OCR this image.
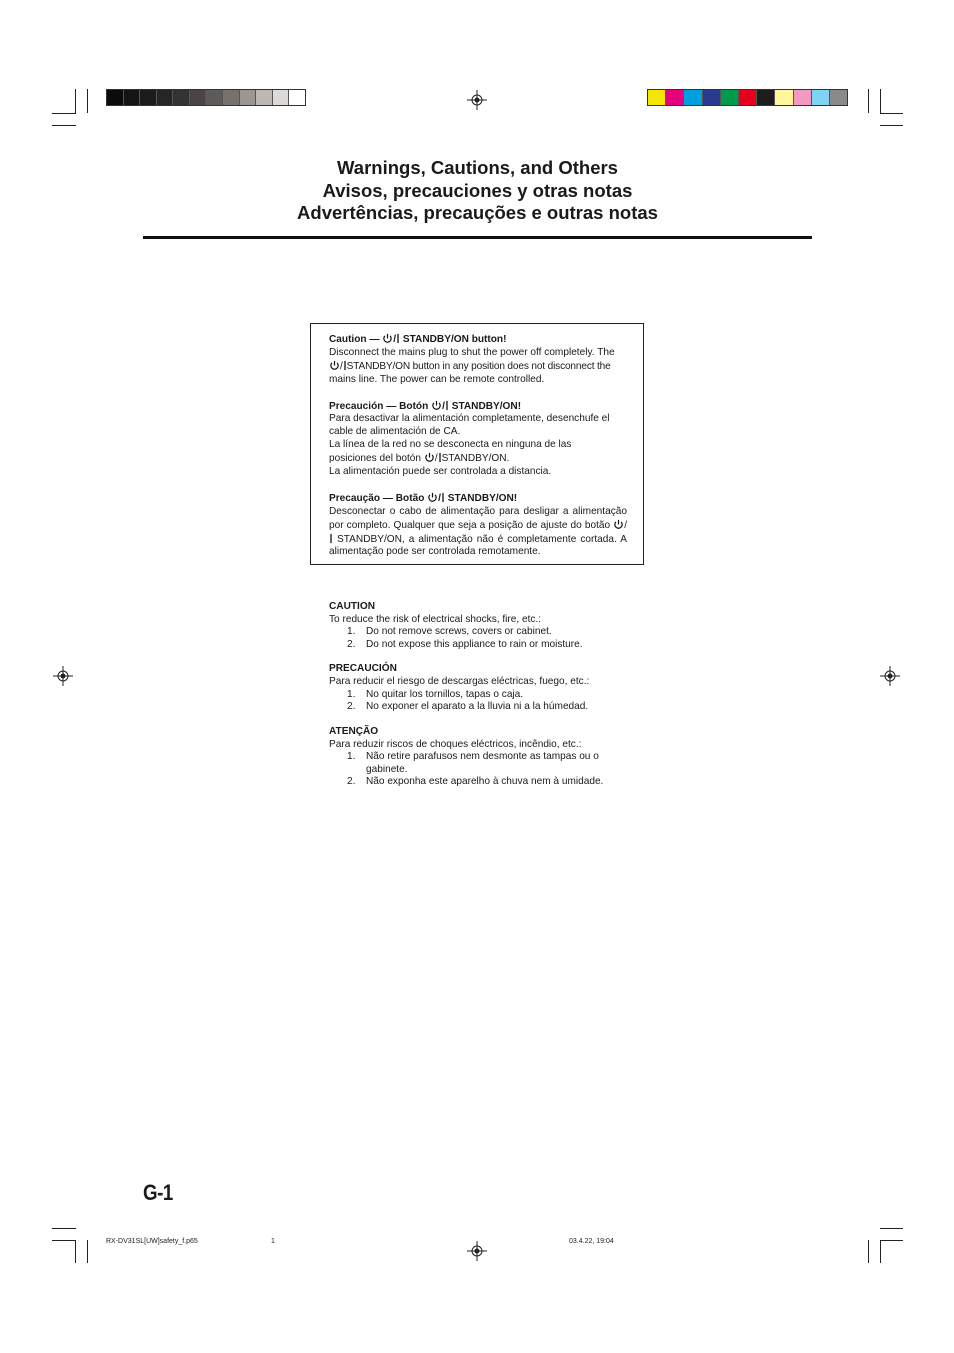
Warnings, Cautions, and Others
Avisos, precauciones y otras notas
Advertências, precauções e outras notas
Caution — / STANDBY/ON button!
Disconnect the mains plug to shut the power off completely. The
/ STANDBY/ON button in any position does not disconnect the
mains line. The power can be remote controlled.
Precaución — Botón / STANDBY/ON!
Para desactivar la alimentación completamente, desenchufe el cable de alimentación de CA.
La línea de la red no se desconecta en ninguna de las posiciones del botón / STANDBY/ON.
La alimentación puede ser controlada a distancia.
Precaução — Botão / STANDBY/ON!
Desconectar o cabo de alimentação para desligar a alimentação por completo. Qualquer que seja a posição de ajuste do botão / STANDBY/ON, a alimentação não é completamente cortada. A alimentação pode ser controlada remotamente.
CAUTION
To reduce the risk of electrical shocks, fire, etc.:
1.	Do not remove screws, covers or cabinet.
2.	Do not expose this appliance to rain or moisture.
PRECAUCIÓN
Para reducir el riesgo de descargas eléctricas, fuego, etc.:
1.	No quitar los tornillos, tapas o caja.
2.	No exponer el aparato a la lluvia ni a la húmedad.
ATENÇÃO
Para reduzir riscos de choques eléctricos, incêndio, etc.:
1.	Não retire parafusos nem desmonte as tampas ou o gabinete.
2.	Não exponha este aparelho à chuva nem à umidade.
G-1
RX-DV31SL[UW]safety_f.p65	1	03.4.22, 19:04
